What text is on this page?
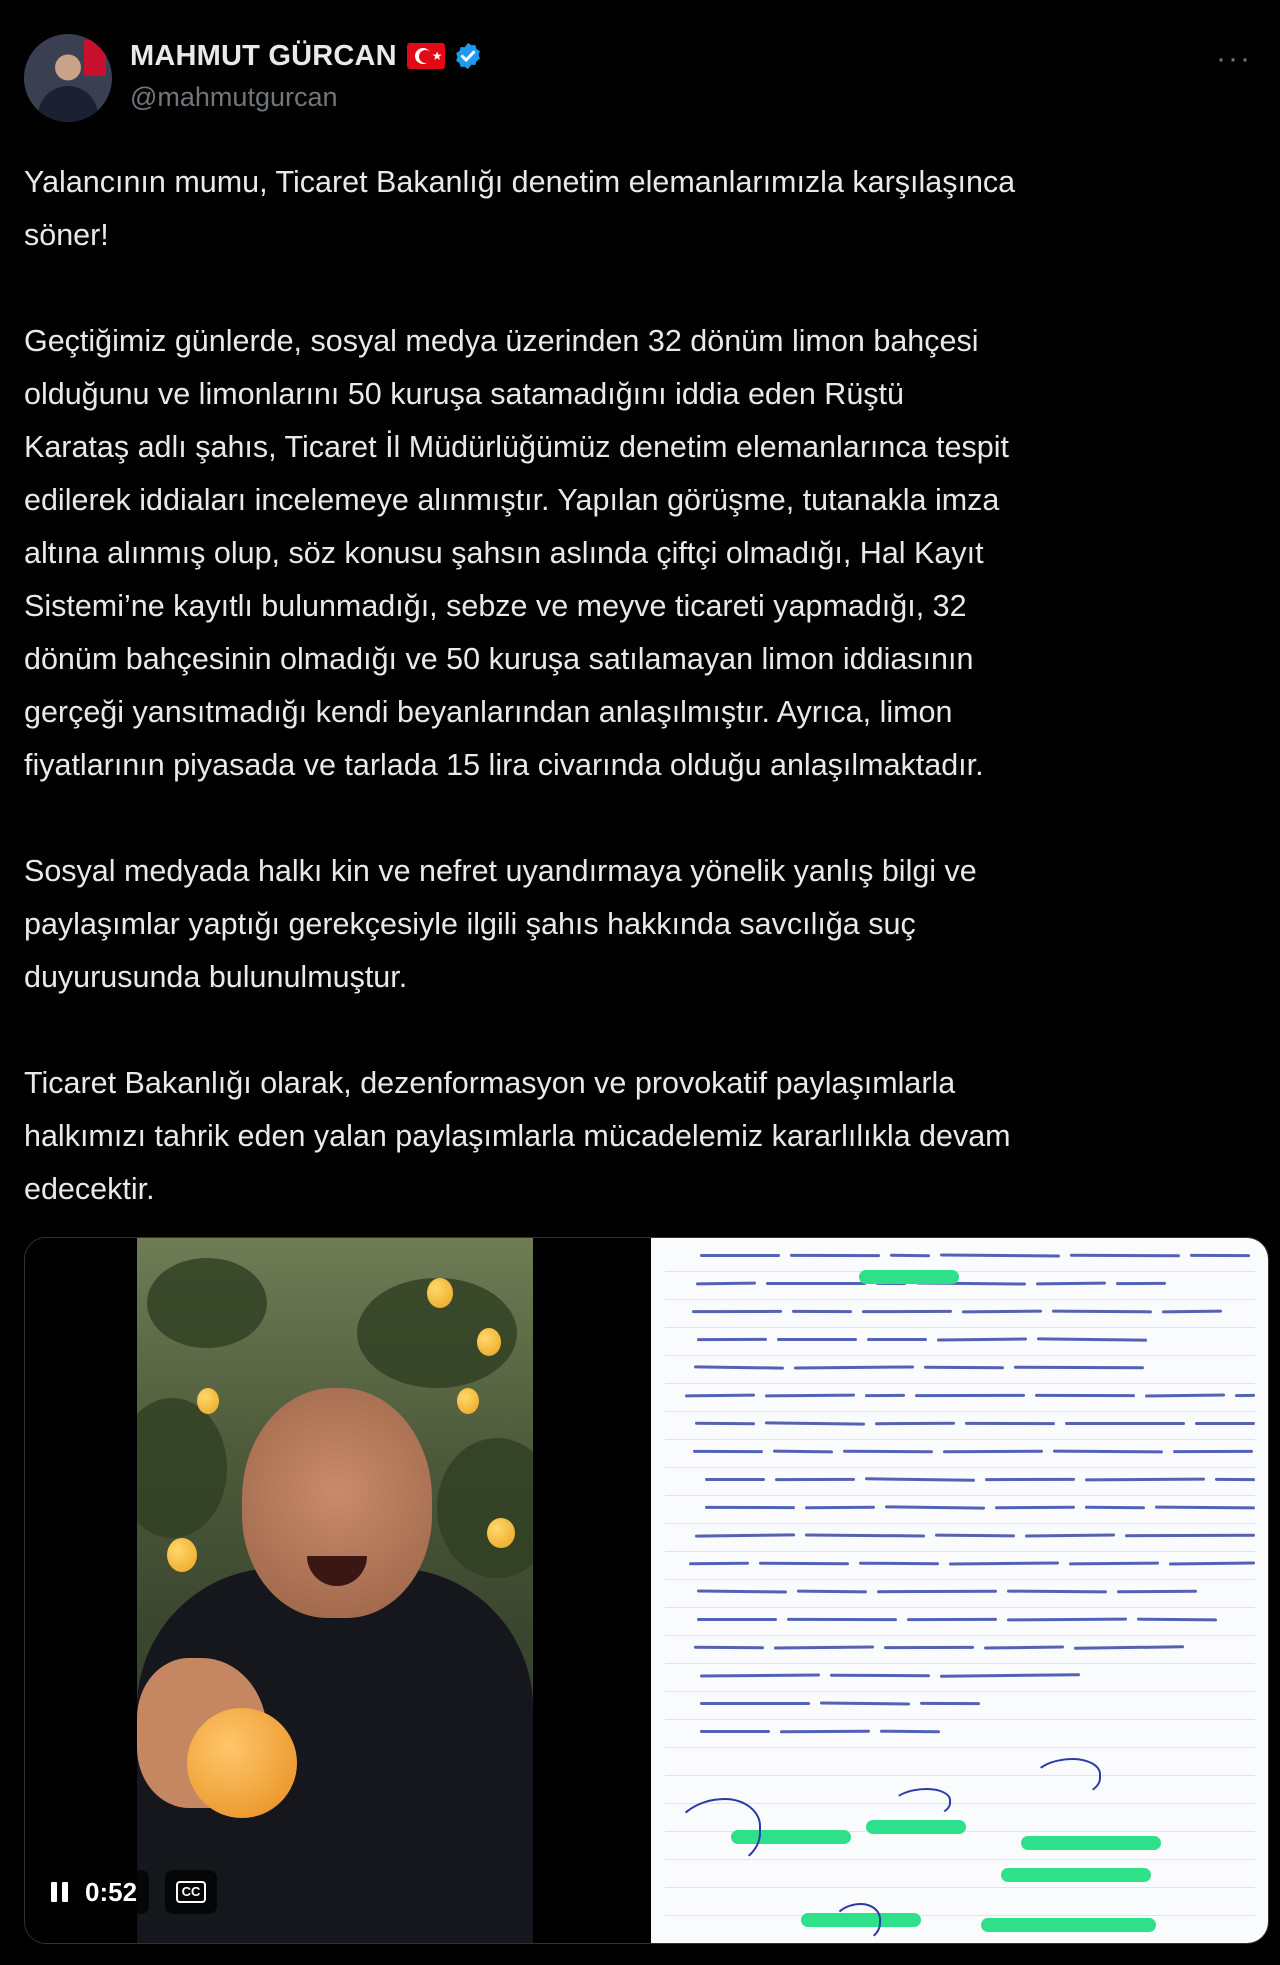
MAHMUT GÜRCAN	★
@mahmutgurcan
···

Yalancının mumu, Ticaret Bakanlığı denetim elemanlarımızla karşılaşınca
söner!

Geçtiğimiz günlerde, sosyal medya üzerinden 32 dönüm limon bahçesi
olduğunu ve limonlarını 50 kuruşa satamadığını iddia eden Rüştü
Karataş adlı şahıs, Ticaret İl Müdürlüğümüz denetim elemanlarınca tespit
edilerek iddiaları incelemeye alınmıştır. Yapılan görüşme, tutanakla imza
altına alınmış olup, söz konusu şahsın aslında çiftçi olmadığı, Hal Kayıt
Sistemi’ne kayıtlı bulunmadığı, sebze ve meyve ticareti yapmadığı, 32
dönüm bahçesinin olmadığı ve 50 kuruşa satılamayan limon iddiasının
gerçeği yansıtmadığı kendi beyanlarından anlaşılmıştır. Ayrıca, limon
fiyatlarının piyasada ve tarlada 15 lira civarında olduğu anlaşılmaktadır.

Sosyal medyada halkı kin ve nefret uyandırmaya yönelik yanlış bilgi ve
paylaşımlar yaptığı gerekçesiyle ilgili şahıs hakkında savcılığa suç
duyurusunda bulunulmuştur.

Ticaret Bakanlığı olarak, dezenformasyon ve provokatif paylaşımlarla
halkımızı tahrik eden yalan paylaşımlarla mücadelemiz kararlılıkla devam
edecektir.

0:52	CC
